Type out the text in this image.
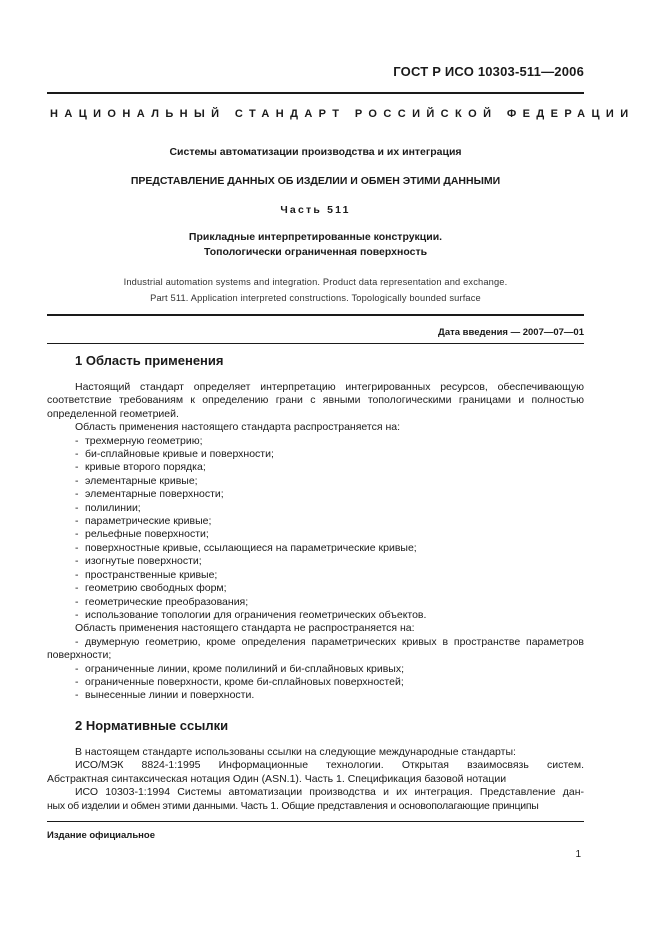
ГОСТ Р ИСО 10303-511—2006
НАЦИОНАЛЬНЫЙ СТАНДАРТ РОССИЙСКОЙ ФЕДЕРАЦИИ
Системы автоматизации производства и их интеграция
ПРЕДСТАВЛЕНИЕ ДАННЫХ ОБ ИЗДЕЛИИ И ОБМЕН ЭТИМИ ДАННЫМИ
Часть 511
Прикладные интерпретированные конструкции.
Топологически ограниченная поверхность
Industrial automation systems and integration. Product data representation and exchange.
Part 511. Application interpreted constructions. Topologically bounded surface
Дата введения — 2007—07—01
1 Область применения

Настоящий стандарт определяет интерпретацию интегрированных ресурсов, обеспечивающую

соответствие требованиям к определению грани с явными топологическими границами и полностью

определенной геометрией.

Область применения настоящего стандарта распространяется на:

- трехмерную геометрию;

- би-сплайновые кривые и поверхности;

- кривые второго порядка;

- элементарные кривые;

- элементарные поверхности;

- полилинии;

- параметрические кривые;

- рельефные поверхности;

- поверхностные кривые, ссылающиеся на параметрические кривые;

- изогнутые поверхности;

- пространственные кривые;

- геометрию свободных форм;

- геометрические преобразования;

- использование топологии для ограничения геометрических объектов.

Область применения настоящего стандарта не распространяется на:

- двумерную геометрию, кроме определения параметрических кривых в пространстве параметров

поверхности;

- ограниченные линии, кроме полилиний и би-сплайновых кривых;

- ограниченные поверхности, кроме би-сплайновых поверхностей;

- вынесенные линии и поверхности.

2 Нормативные ссылки

В настоящем стандарте использованы ссылки на следующие международные стандарты:

ИСО/МЭК 8824-1:1995 Информационные технологии. Открытая взаимосвязь систем.

Абстрактная синтаксическая нотация Один (ASN.1). Часть 1. Спецификация базовой нотации

ИСО 10303-1:1994 Системы автоматизации производства и их интеграция. Представление дан-

ных об изделии и обмен этими данными. Часть 1. Общие представления и основополагающие принципы

Издание официальное
1
